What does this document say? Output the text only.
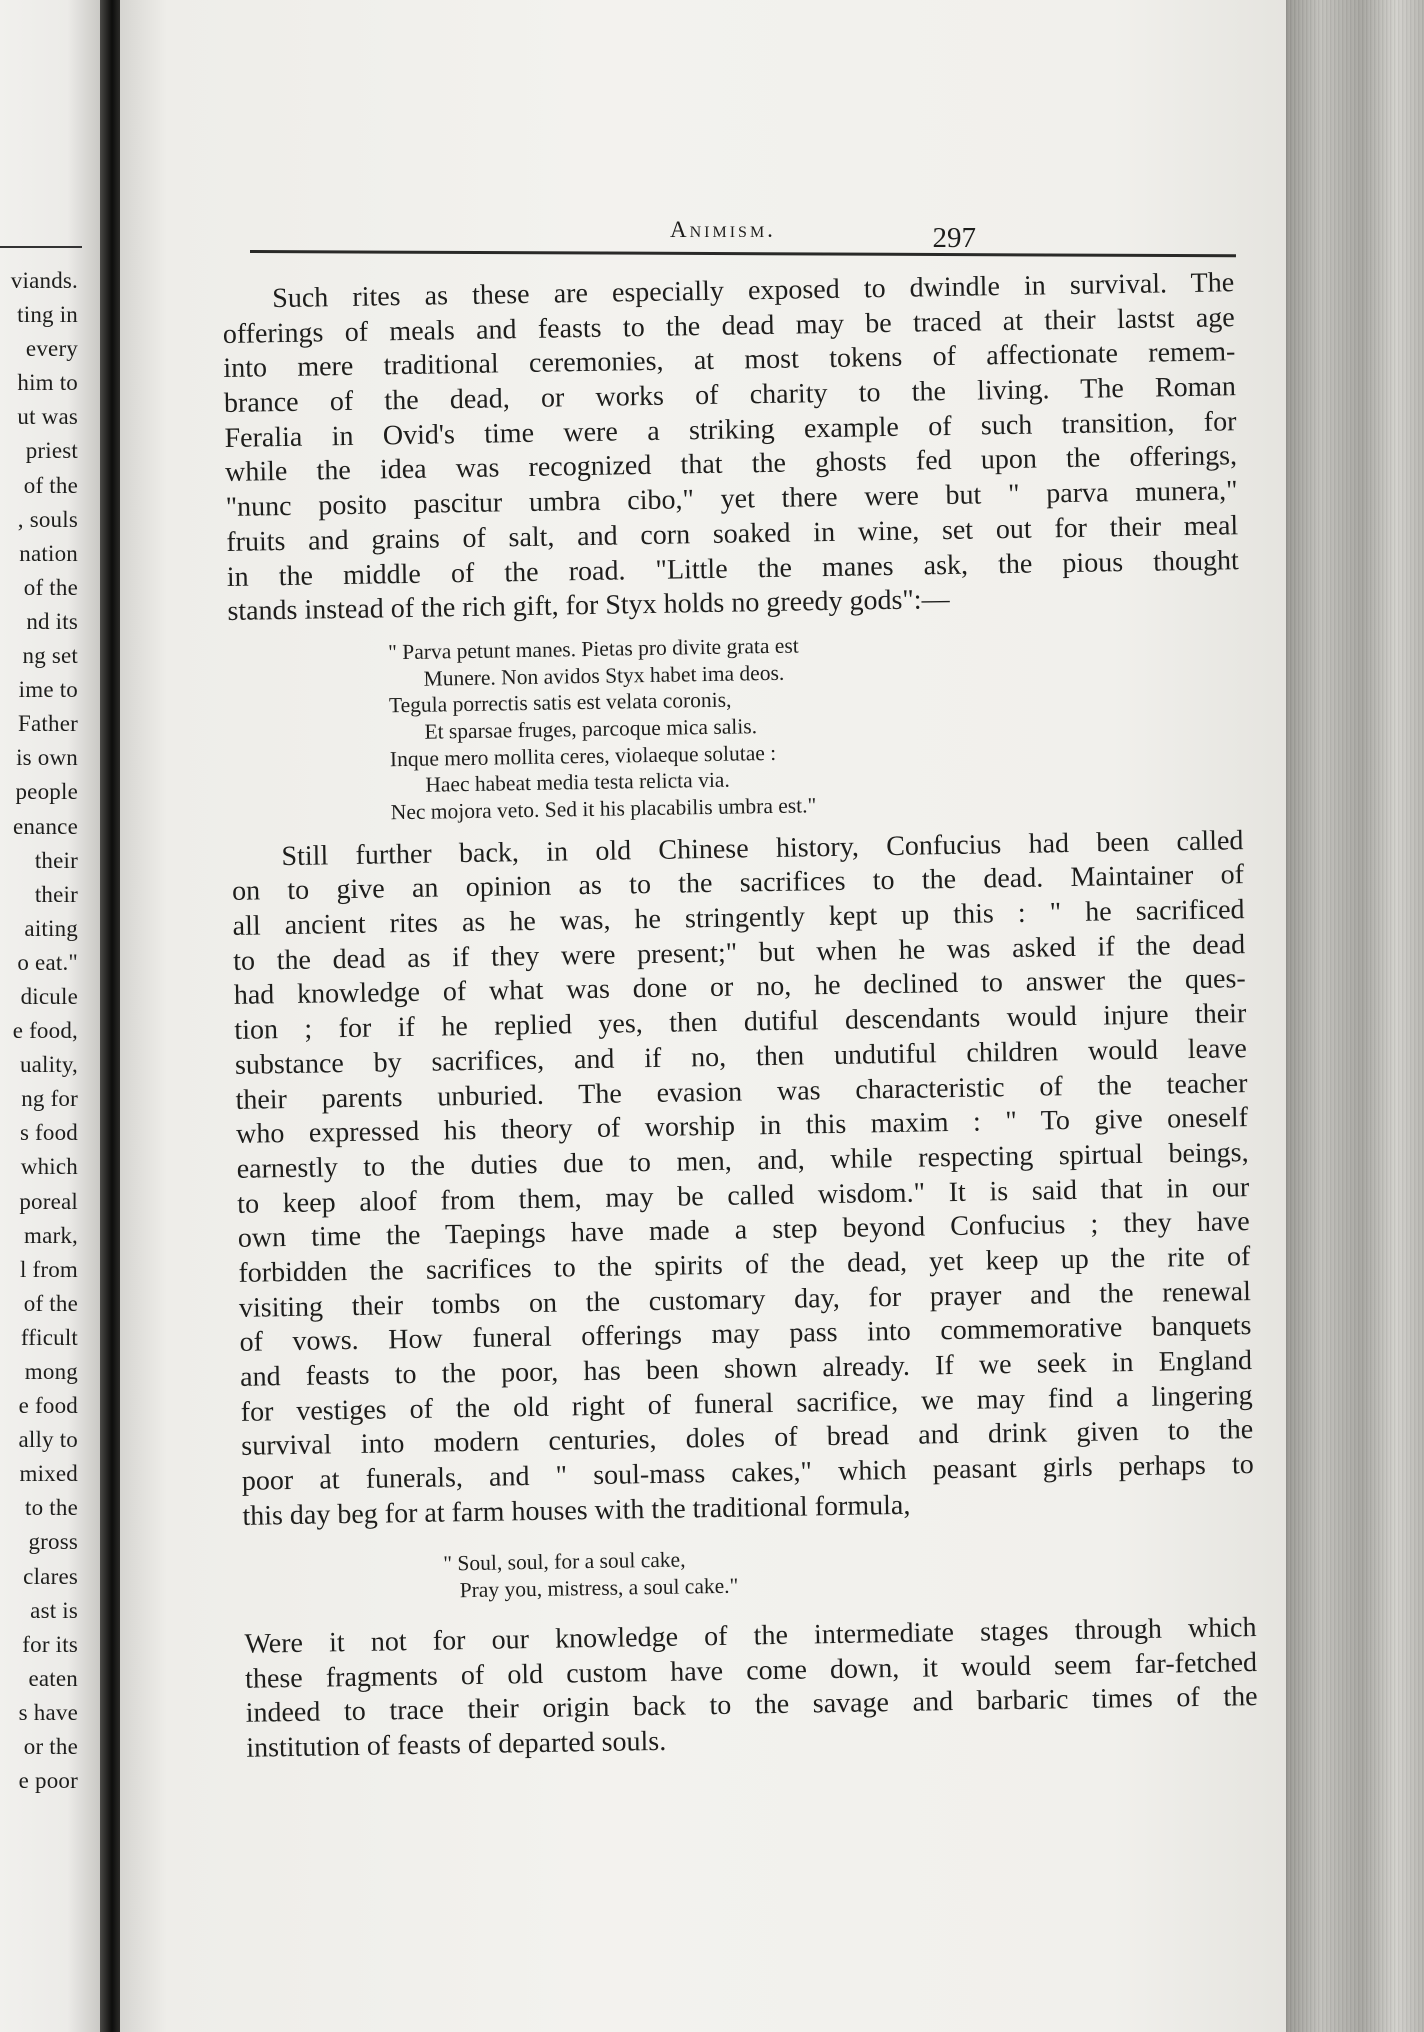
viands.
ting in
every
him to
ut was
priest
of the
, souls
nation
of the
nd its
ng set
ime to
Father
is own
people
enance
their
their
aiting
o eat."
dicule
e food,
uality,
ng for
s food
which
poreal
mark,
l from
of the
fficult
mong
e food
ally to
mixed
to the
gross
clares
ast is
for its
eaten
s have
or the
e poor
Animism.	297
Such rites as these are especially exposed to dwindle in survival. The
offerings of meals and feasts to the dead may be traced at their lastst age
into mere traditional ceremonies, at most tokens of affectionate remem-
brance of the dead, or works of charity to the living. The Roman
Feralia in Ovid's time were a striking example of such transition, for
while the idea was recognized that the ghosts fed upon the offerings,
"nunc posito pascitur umbra cibo," yet there were but " parva munera,"
fruits and grains of salt, and corn soaked in wine, set out for their meal
in the middle of the road. "Little the manes ask, the pious thought
stands instead of the rich gift, for Styx holds no greedy gods":—
" Parva petunt manes. Pietas pro divite grata est
Munere. Non avidos Styx habet ima deos.
Tegula porrectis satis est velata coronis,
Et sparsae fruges, parcoque mica salis.
Inque mero mollita ceres, violaeque solutae :
Haec habeat media testa relicta via.
Nec mojora veto. Sed it his placabilis umbra est."
Still further back, in old Chinese history, Confucius had been called
on to give an opinion as to the sacrifices to the dead. Maintainer of
all ancient rites as he was, he stringently kept up this : " he sacrificed
to the dead as if they were present;" but when he was asked if the dead
had knowledge of what was done or no, he declined to answer the ques-
tion ; for if he replied yes, then dutiful descendants would injure their
substance by sacrifices, and if no, then undutiful children would leave
their parents unburied. The evasion was characteristic of the teacher
who expressed his theory of worship in this maxim : " To give oneself
earnestly to the duties due to men, and, while respecting spirtual beings,
to keep aloof from them, may be called wisdom." It is said that in our
own time the Taepings have made a step beyond Confucius ; they have
forbidden the sacrifices to the spirits of the dead, yet keep up the rite of
visiting their tombs on the customary day, for prayer and the renewal
of vows. How funeral offerings may pass into commemorative banquets
and feasts to the poor, has been shown already. If we seek in England
for vestiges of the old right of funeral sacrifice, we may find a lingering
survival into modern centuries, doles of bread and drink given to the
poor at funerals, and " soul-mass cakes," which peasant girls perhaps to
this day beg for at farm houses with the traditional formula,
" Soul, soul, for a soul cake,
Pray you, mistress, a soul cake."
Were it not for our knowledge of the intermediate stages through which
these fragments of old custom have come down, it would seem far-fetched
indeed to trace their origin back to the savage and barbaric times of the
institution of feasts of departed souls.
